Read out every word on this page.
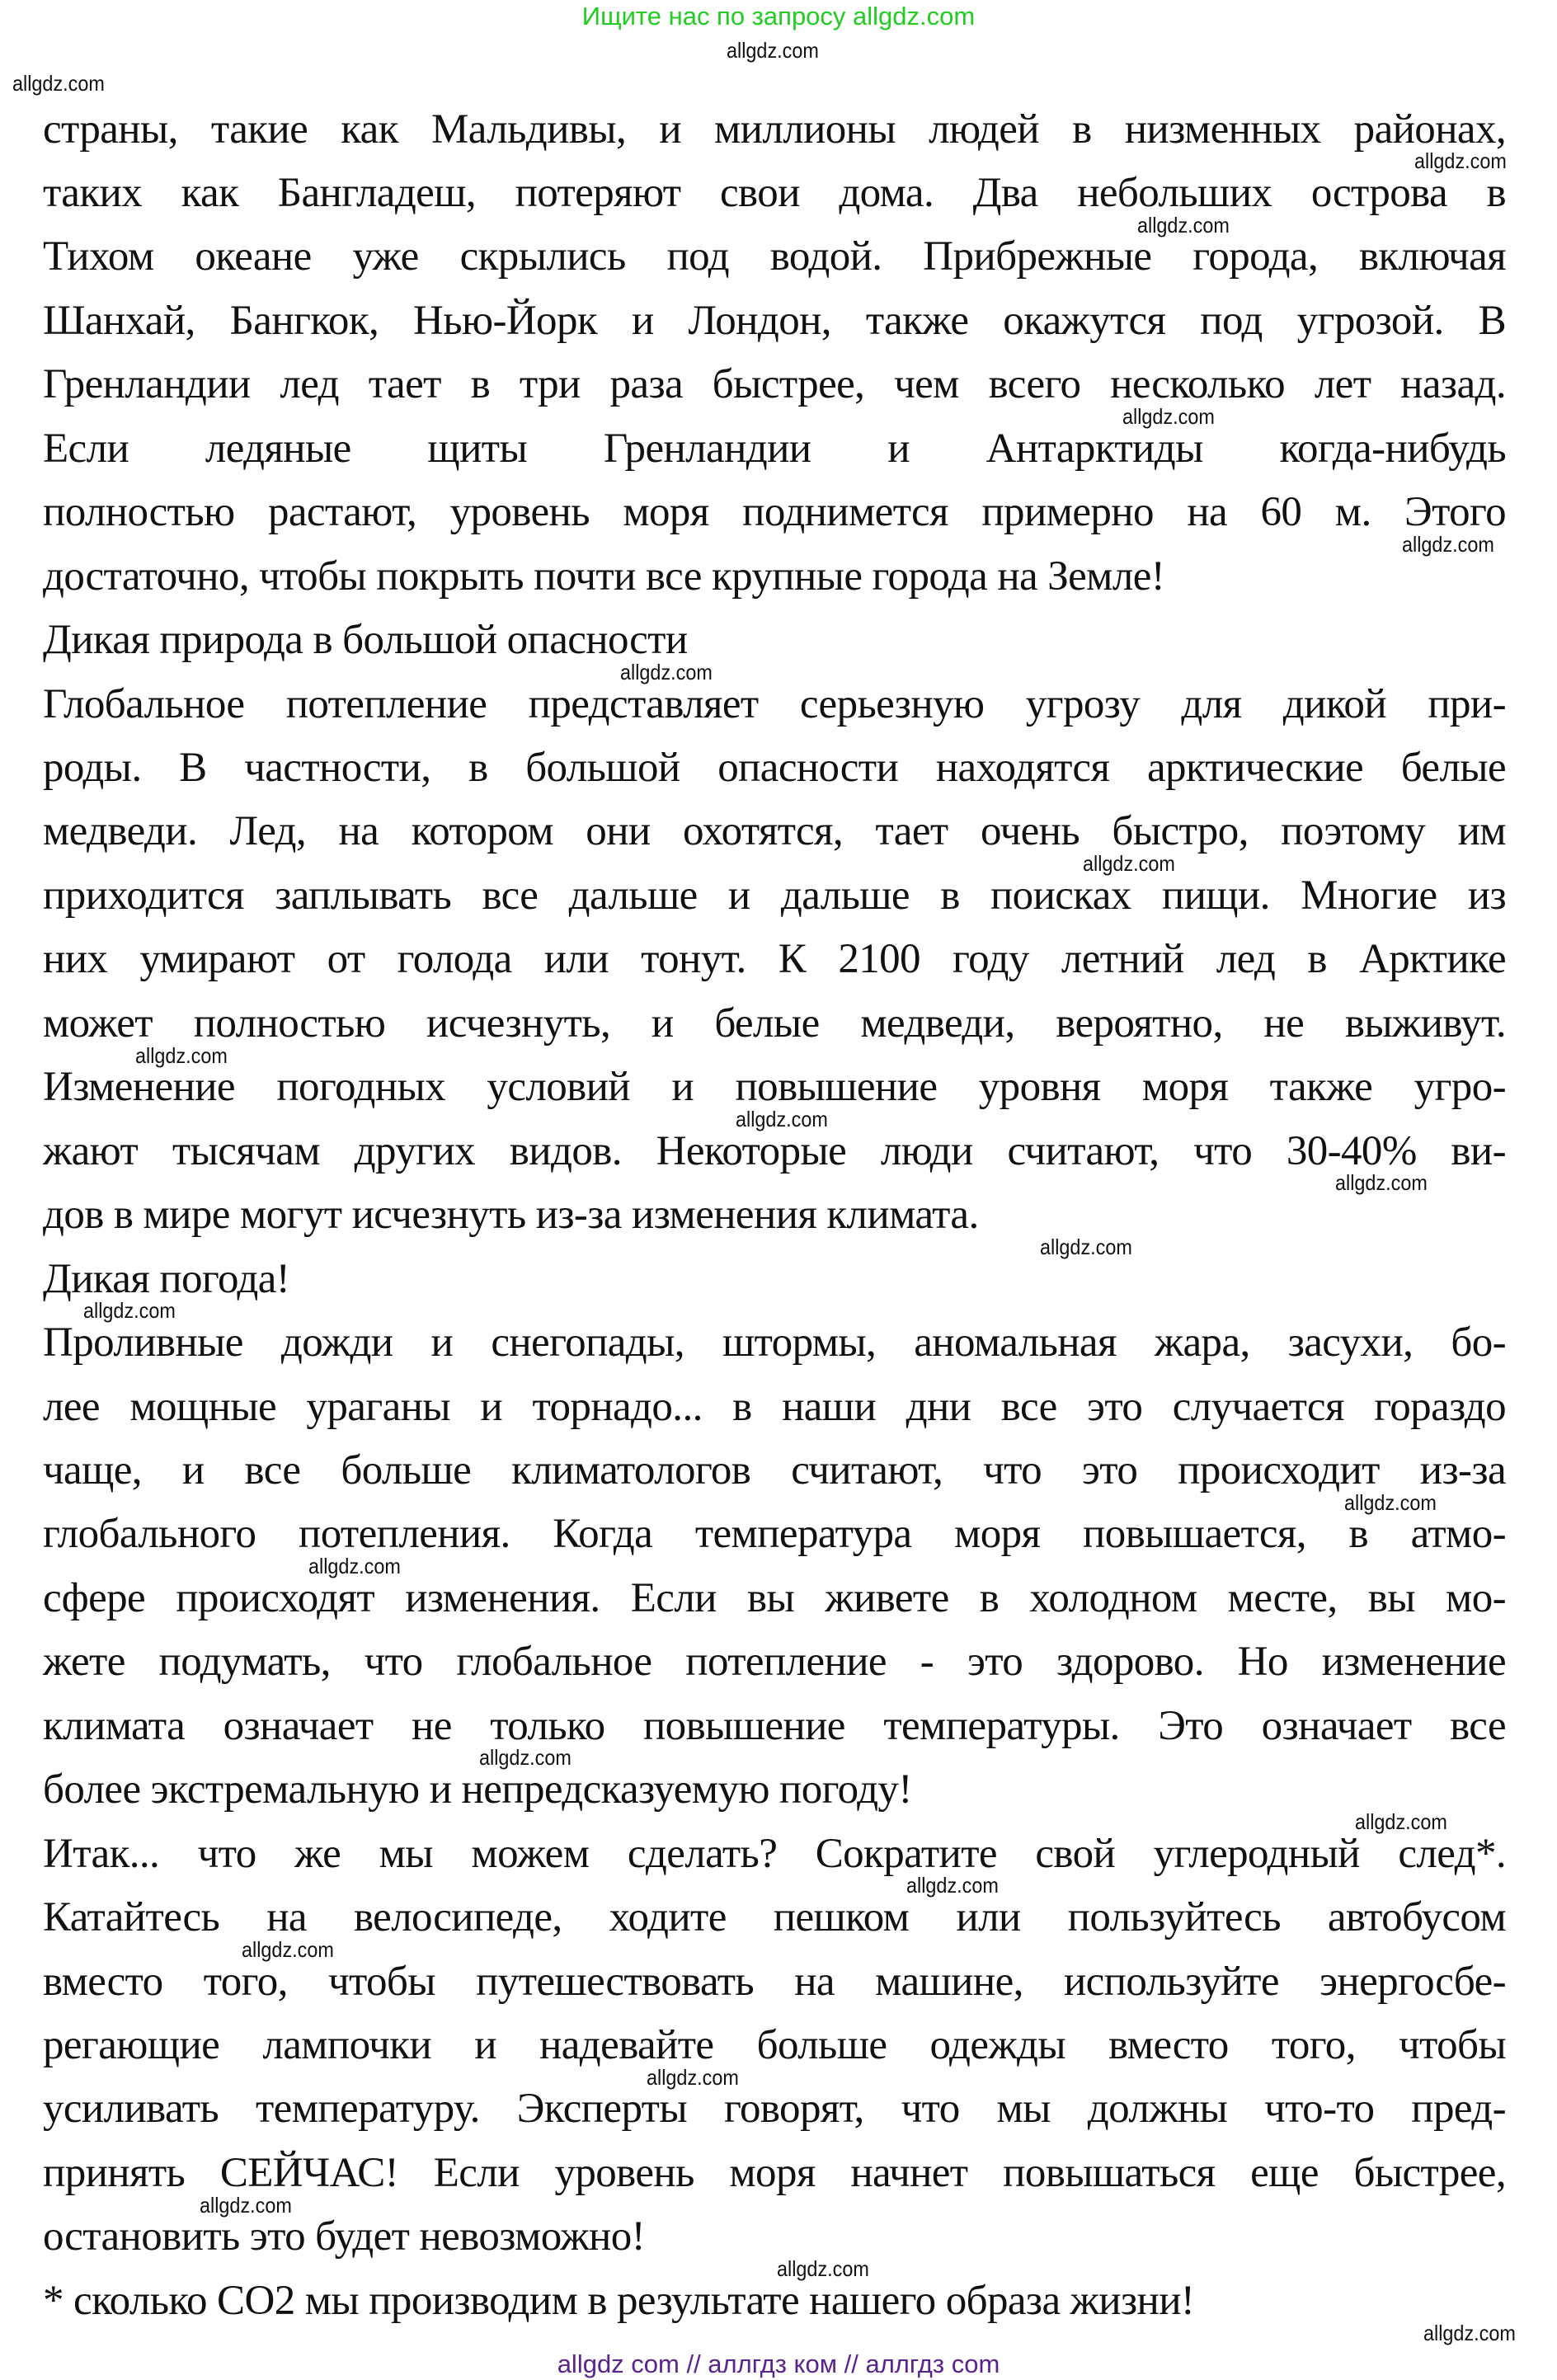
Ищите нас по запросу allgdz.com
страны, такие как Мальдивы, и миллионы людей в низменных районах,
таких как Бангладеш, потеряют свои дома. Два небольших острова в
Тихом океане уже скрылись под водой. Прибрежные города, включая
Шанхай, Бангкок, Нью-Йорк и Лондон, также окажутся под угрозой. В
Гренландии лед тает в три раза быстрее, чем всего несколько лет назад.
Если ледяные щиты Гренландии и Антарктиды когда-нибудь
полностью растают, уровень моря поднимется примерно на 60 м. Этого
достаточно, чтобы покрыть почти все крупные города на Земле!
Дикая природа в большой опасности
Глобальное потепление представляет серьезную угрозу для дикой при-
роды. В частности, в большой опасности находятся арктические белые
медведи. Лед, на котором они охотятся, тает очень быстро, поэтому им
приходится заплывать все дальше и дальше в поисках пищи. Многие из
них умирают от голода или тонут. К 2100 году летний лед в Арктике
может полностью исчезнуть, и белые медведи, вероятно, не выживут.
Изменение погодных условий и повышение уровня моря также угро-
жают тысячам других видов. Некоторые люди считают, что 30-40% ви-
дов в мире могут исчезнуть из-за изменения климата.
Дикая погода!
Проливные дожди и снегопады, штормы, аномальная жара, засухи, бо-
лее мощные ураганы и торнадо... в наши дни все это случается гораздо
чаще, и все больше климатологов считают, что это происходит из-за
глобального потепления. Когда температура моря повышается, в атмо-
сфере происходят изменения. Если вы живете в холодном месте, вы мо-
жете подумать, что глобальное потепление - это здорово. Но изменение
климата означает не только повышение температуры. Это означает все
более экстремальную и непредсказуемую погоду!
Итак... что же мы можем сделать? Сократите свой углеродный след*.
Катайтесь на велосипеде, ходите пешком или пользуйтесь автобусом
вместо того, чтобы путешествовать на машине, используйте энергосбе-
регающие лампочки и надевайте больше одежды вместо того, чтобы
усиливать температуру. Эксперты говорят, что мы должны что-то пред-
принять СЕЙЧАС! Если уровень моря начнет повышаться еще быстрее,
остановить это будет невозможно!
* сколько CO2 мы производим в результате нашего образа жизни!
allgdz.com
allgdz.com
allgdz.com
allgdz.com
allgdz.com
allgdz.com
allgdz.com
allgdz.com
allgdz.com
allgdz.com
allgdz.com
allgdz.com
allgdz.com
allgdz.com
allgdz.com
allgdz.com
allgdz.com
allgdz.com
allgdz.com
allgdz.com
allgdz.com
allgdz.com
allgdz.com
allgdz com // аллгдз ком // аллгдз com
